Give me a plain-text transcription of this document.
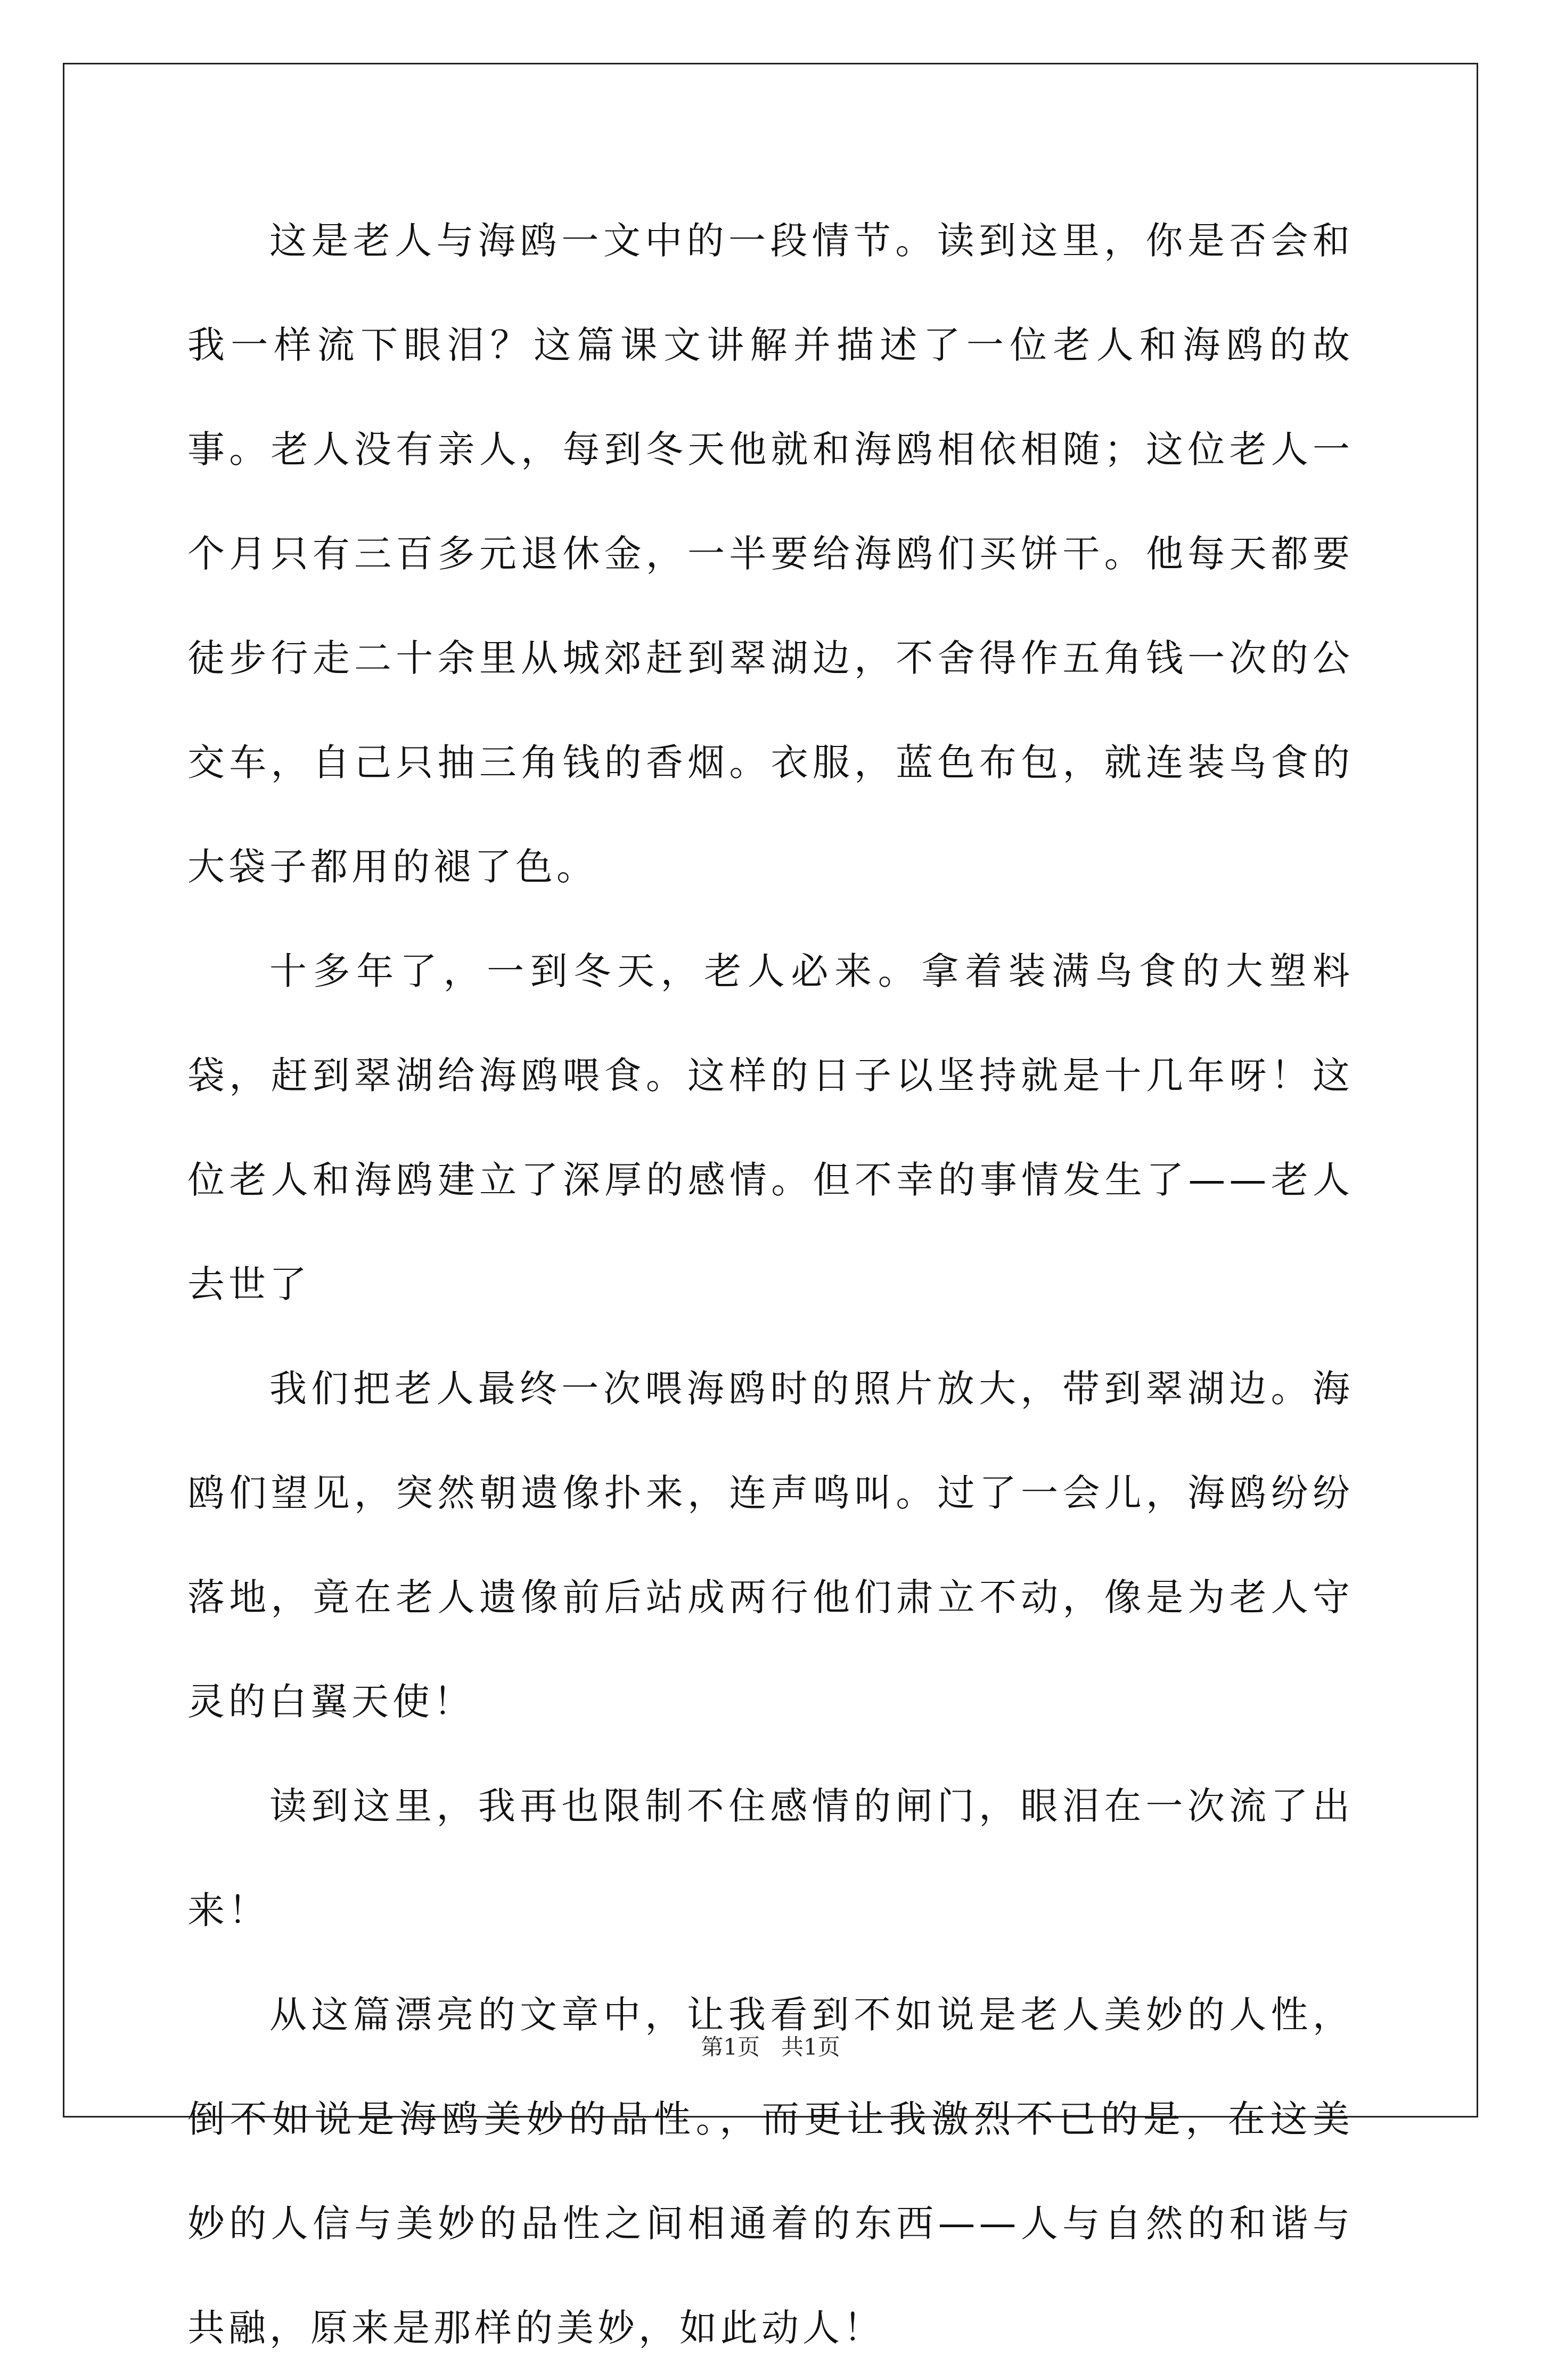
这是老人与海鸥一文中的一段情节。读到这里，你是否会和我一样流下眼泪？这篇课文讲解并描述了一位老人和海鸥的故事。老人没有亲人，每到冬天他就和海鸥相依相随；这位老人一个月只有三百多元退休金，一半要给海鸥们买饼干。他每天都要徒步行走二十余里从城郊赶到翠湖边，不舍得作五角钱一次的公交车，自己只抽三角钱的香烟。衣服，蓝色布包，就连装鸟食的大袋子都用的褪了色。

十多年了，一到冬天，老人必来。拿着装满鸟食的大塑料袋，赶到翠湖给海鸥喂食。这样的日子以坚持就是十几年呀！这位老人和海鸥建立了深厚的感情。但不幸的事情发生了——老人去世了

我们把老人最终一次喂海鸥时的照片放大，带到翠湖边。海鸥们望见，突然朝遗像扑来，连声鸣叫。过了一会儿，海鸥纷纷落地，竟在老人遗像前后站成两行他们肃立不动，像是为老人守灵的白翼天使！

读到这里，我再也限制不住感情的闸门，眼泪在一次流了出来！

从这篇漂亮的文章中，让我看到不如说是老人美妙的人性，倒不如说是海鸥美妙的品性。，而更让我激烈不已的是，在这美妙的人信与美妙的品性之间相通着的东西——人与自然的和谐与共融，原来是那样的美妙，如此动人！

第1页 共1页
